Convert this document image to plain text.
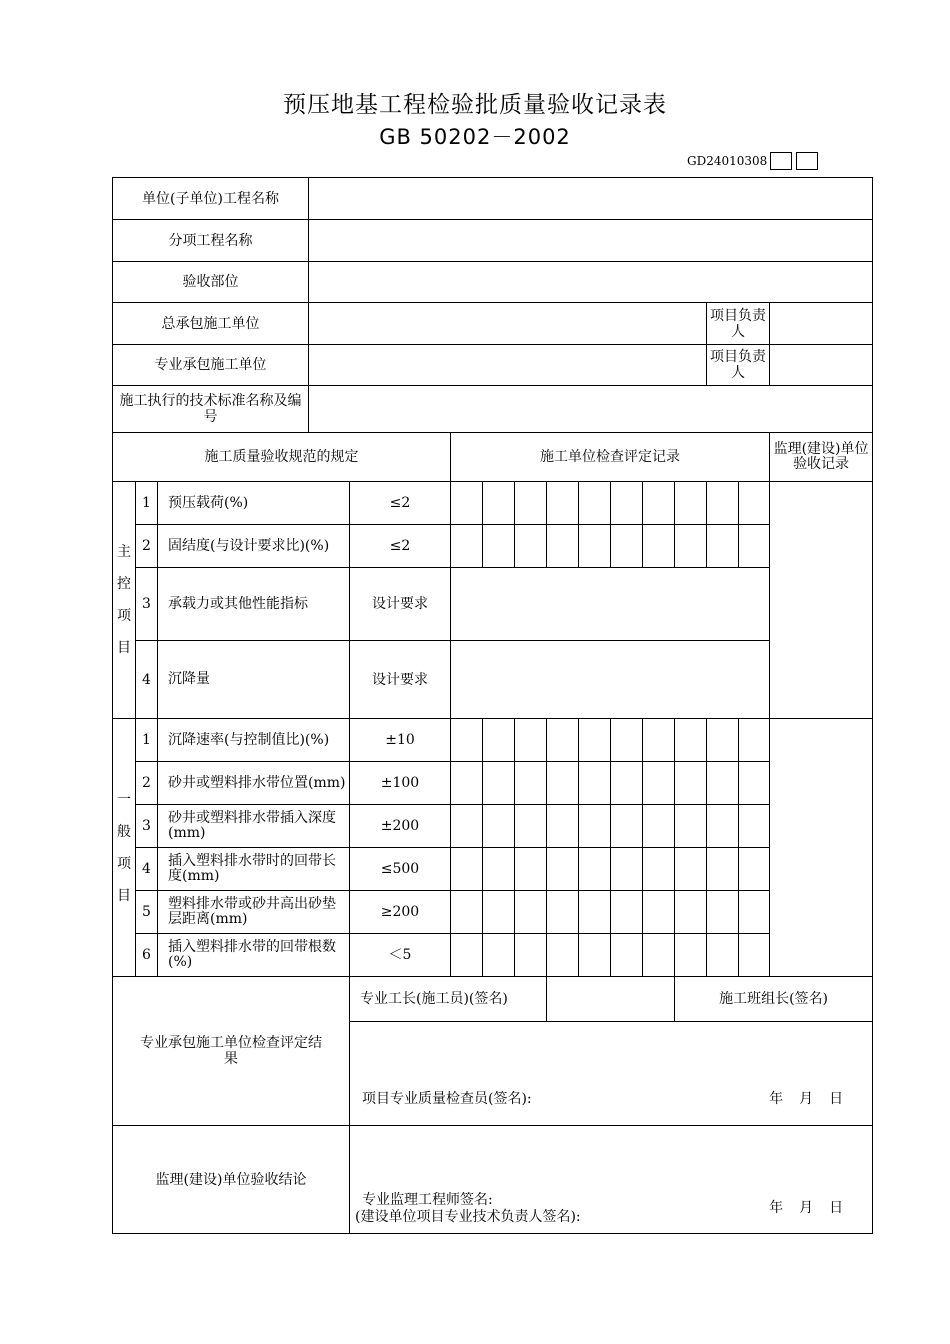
预压地基工程检验批质量验收记录表
GB 50202－2002
GD24010308
单位(子单位)工程名称																
分项工程名称																
验收部位																
总承包施工单位													项目负责人			
专业承包施工单位													项目负责人			
施工执行的技术标准名称及编号																
施工质量验收规范的规定					施工单位检查评定记录										监理(建设)单位验收记录	
主
控
项
目	1	预压载荷(%)		≤2												
	2	固结度(与设计要求比)(%)		≤2												
	3	承载力或其他性能指标		设计要求												
	4	沉降量		设计要求												
一
般
项
目	1	沉降速率(与控制值比)(%)		±10												
	2	砂井或塑料排水带位置(mm)		±100												
	3	砂井或塑料排水带插入深度(mm)		±200												
	4	插入塑料排水带时的回带长度(mm)		≤500												
	5	塑料排水带或砂井高出砂垫层距离(mm)		≥200												
	6	插入塑料排水带的回带根数(%)		＜5												
专业承包施工单位检查评定结果				专业工长(施工员)(签名)								施工班组长(签名)				

				项目专业质量检查员(签名): 年　月　日												

监理(建设)单位验收结论				专业监理工程师签名:
(建设单位项目专业技术负责人签名):
年　月　日												
